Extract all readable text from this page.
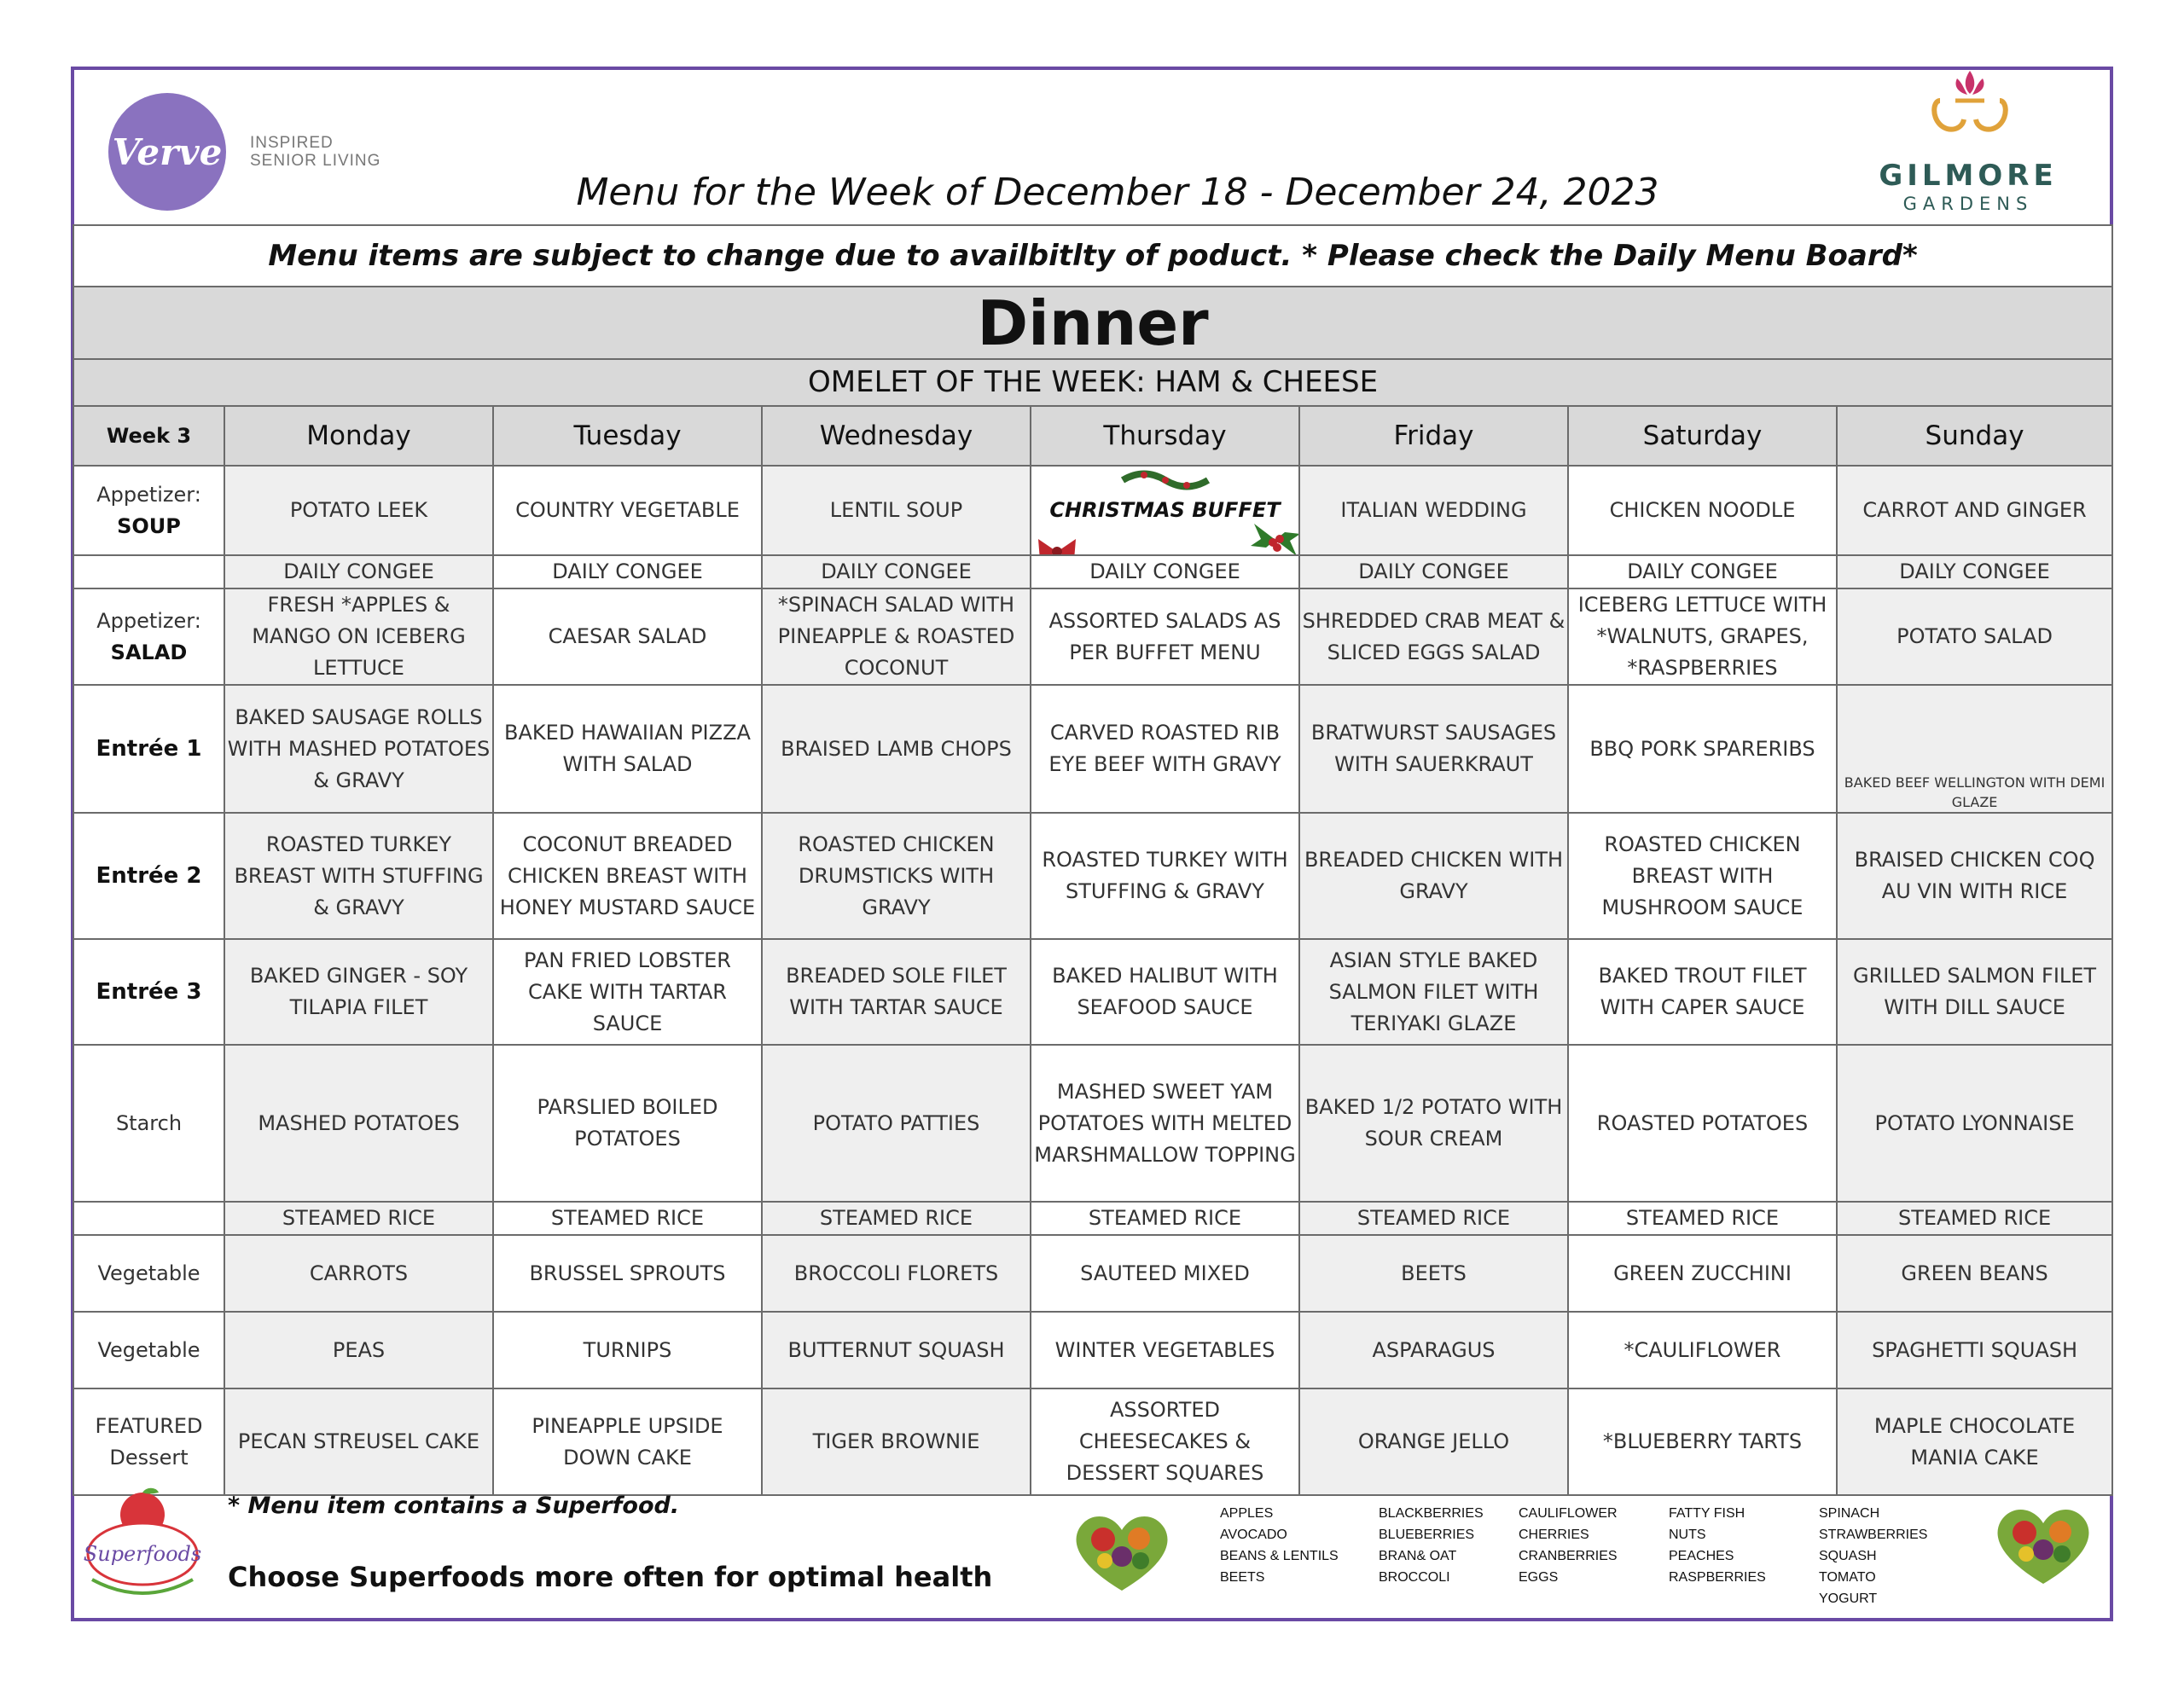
Verve INSPIRED
SENIOR LIVING	GILMORE
GARDENS
Menu for the Week of December 18 - December 24, 2023
Menu items are subject to change due to availbitlty of poduct. * Please check the Daily Menu Board*							
Dinner							
OMELET OF THE WEEK: HAM & CHEESE							
Week 3	Monday	Tuesday	Wednesday	Thursday	Friday	Saturday	Sunday

Appetizer:
SOUP	POTATO LEEK	COUNTRY VEGETABLE	LENTIL SOUP	CHRISTMAS BUFFET	ITALIAN WEDDING	CHICKEN NOODLE	CARROT AND GINGER
	DAILY CONGEE	DAILY CONGEE	DAILY CONGEE	DAILY CONGEE	DAILY CONGEE	DAILY CONGEE	DAILY CONGEE

Appetizer:
SALAD	FRESH *APPLES & MANGO ON ICEBERG LETTUCE	CAESAR SALAD	*SPINACH SALAD WITH PINEAPPLE & ROASTED COCONUT	ASSORTED SALADS AS PER BUFFET MENU	SHREDDED CRAB MEAT & SLICED EGGS SALAD	ICEBERG LETTUCE WITH *WALNUTS, GRAPES, *RASPBERRIES	POTATO SALAD
Entrée 1	BAKED SAUSAGE ROLLS WITH MASHED POTATOES & GRAVY	BAKED HAWAIIAN PIZZA WITH SALAD	BRAISED LAMB CHOPS	CARVED ROASTED RIB EYE BEEF WITH GRAVY	BRATWURST SAUSAGES WITH SAUERKRAUT	BBQ PORK SPARERIBS	BAKED BEEF WELLINGTON WITH DEMI GLAZE
Entrée 2	ROASTED TURKEY BREAST WITH STUFFING & GRAVY	COCONUT BREADED CHICKEN BREAST WITH HONEY MUSTARD SAUCE	ROASTED CHICKEN DRUMSTICKS WITH GRAVY	ROASTED TURKEY WITH STUFFING & GRAVY	BREADED CHICKEN WITH GRAVY	ROASTED CHICKEN BREAST WITH MUSHROOM SAUCE	BRAISED CHICKEN COQ AU VIN WITH RICE
Entrée 3	BAKED GINGER - SOY TILAPIA FILET	PAN FRIED LOBSTER CAKE WITH TARTAR SAUCE	BREADED SOLE FILET WITH TARTAR SAUCE	BAKED HALIBUT WITH SEAFOOD SAUCE	ASIAN STYLE BAKED SALMON FILET WITH TERIYAKI GLAZE	BAKED TROUT FILET WITH CAPER SAUCE	GRILLED SALMON FILET WITH DILL SAUCE
Starch	MASHED POTATOES	PARSLIED BOILED POTATOES	POTATO PATTIES	MASHED SWEET YAM POTATOES WITH MELTED MARSHMALLOW TOPPING	BAKED 1/2 POTATO WITH SOUR CREAM	ROASTED POTATOES	POTATO LYONNAISE
	STEAMED RICE	STEAMED RICE	STEAMED RICE	STEAMED RICE	STEAMED RICE	STEAMED RICE	STEAMED RICE
Vegetable	CARROTS	BRUSSEL SPROUTS	BROCCOLI FLORETS	SAUTEED MIXED	BEETS	GREEN ZUCCHINI	GREEN BEANS
Vegetable	PEAS	TURNIPS	BUTTERNUT SQUASH	WINTER VEGETABLES	ASPARAGUS	*CAULIFLOWER	SPAGHETTI SQUASH

FEATURED
Dessert	PECAN STREUSEL CAKE	PINEAPPLE UPSIDE DOWN CAKE	TIGER BROWNIE	ASSORTED CHEESECAKES & DESSERT SQUARES	ORANGE JELLO	*BLUEBERRY TARTS	MAPLE CHOCOLATE MANIA CAKE
Superfoods
* Menu item contains a Superfood.
Choose Superfoods more often for optimal health
APPLES
AVOCADO
BEANS & LENTILS
BEETS
BLACKBERRIES
BLUEBERRIES
BRAN& OAT
BROCCOLI
CAULIFLOWER
CHERRIES
CRANBERRIES
EGGS
FATTY FISH
NUTS
PEACHES
RASPBERRIES
SPINACH
STRAWBERRIES
SQUASH
TOMATO
YOGURT
